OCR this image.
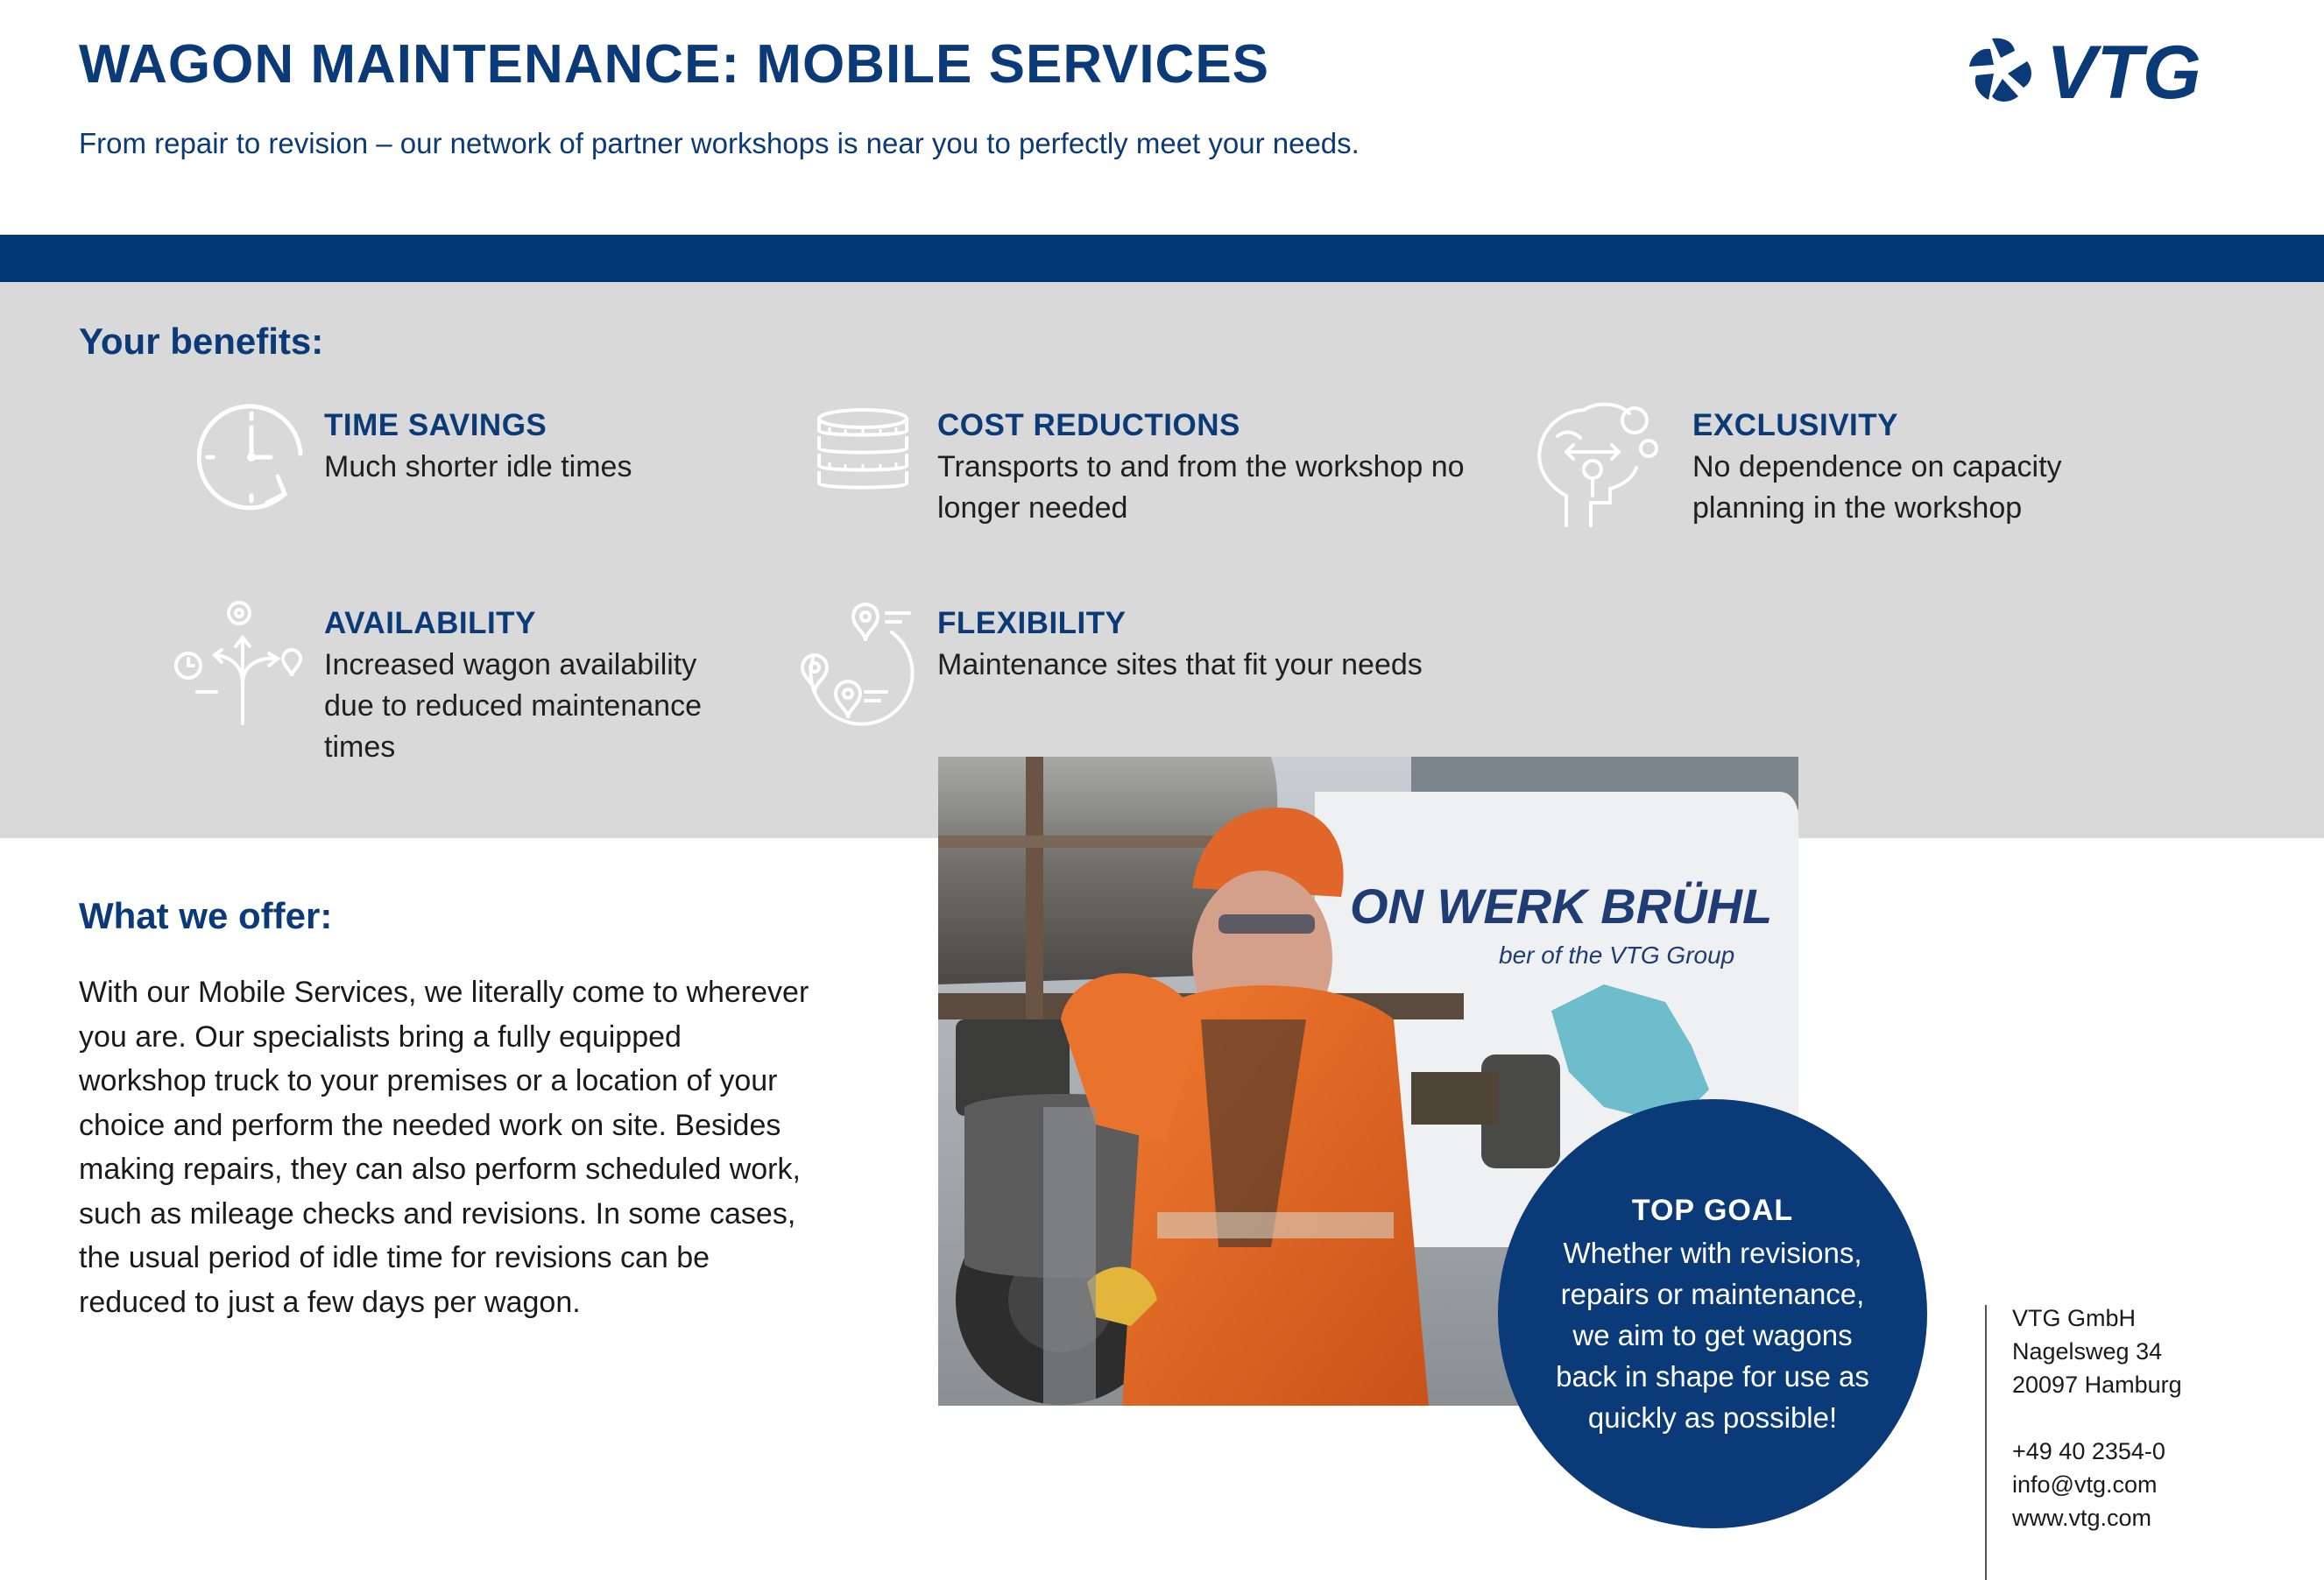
WAGON MAINTENANCE: MOBILE SERVICES

From repair to revision – our network of partner workshops is near you to perfectly meet your needs.

VTG
Your benefits:
TIME SAVINGS
Much shorter idle times
COST REDUCTIONS
Transports to and from the workshop no longer needed
EXCLUSIVITY
No dependence on capacity planning in the workshop
AVAILABILITY
Increased wagon availability due to reduced maintenance times
FLEXIBILITY
Maintenance sites that fit your needs
What we offer:

With our Mobile Services, we literally come to wherever you are. Our specialists bring a fully equipped workshop truck to your premises or a location of your choice and perform the needed work on site. Besides making repairs, they can also perform scheduled work, such as mileage checks and revisions. In some cases, the usual period of idle time for revisions can be reduced to just a few days per wagon.

ON WERK BRÜHL
ber of the VTG Group
TOP GOAL
Whether with revisions, repairs or maintenance, we aim to get wagons back in shape for use as quickly as possible!
VTG GmbH
Nagelsweg 34
20097 Hamburg
+49 40 2354-0
info@vtg.com
www.vtg.com
